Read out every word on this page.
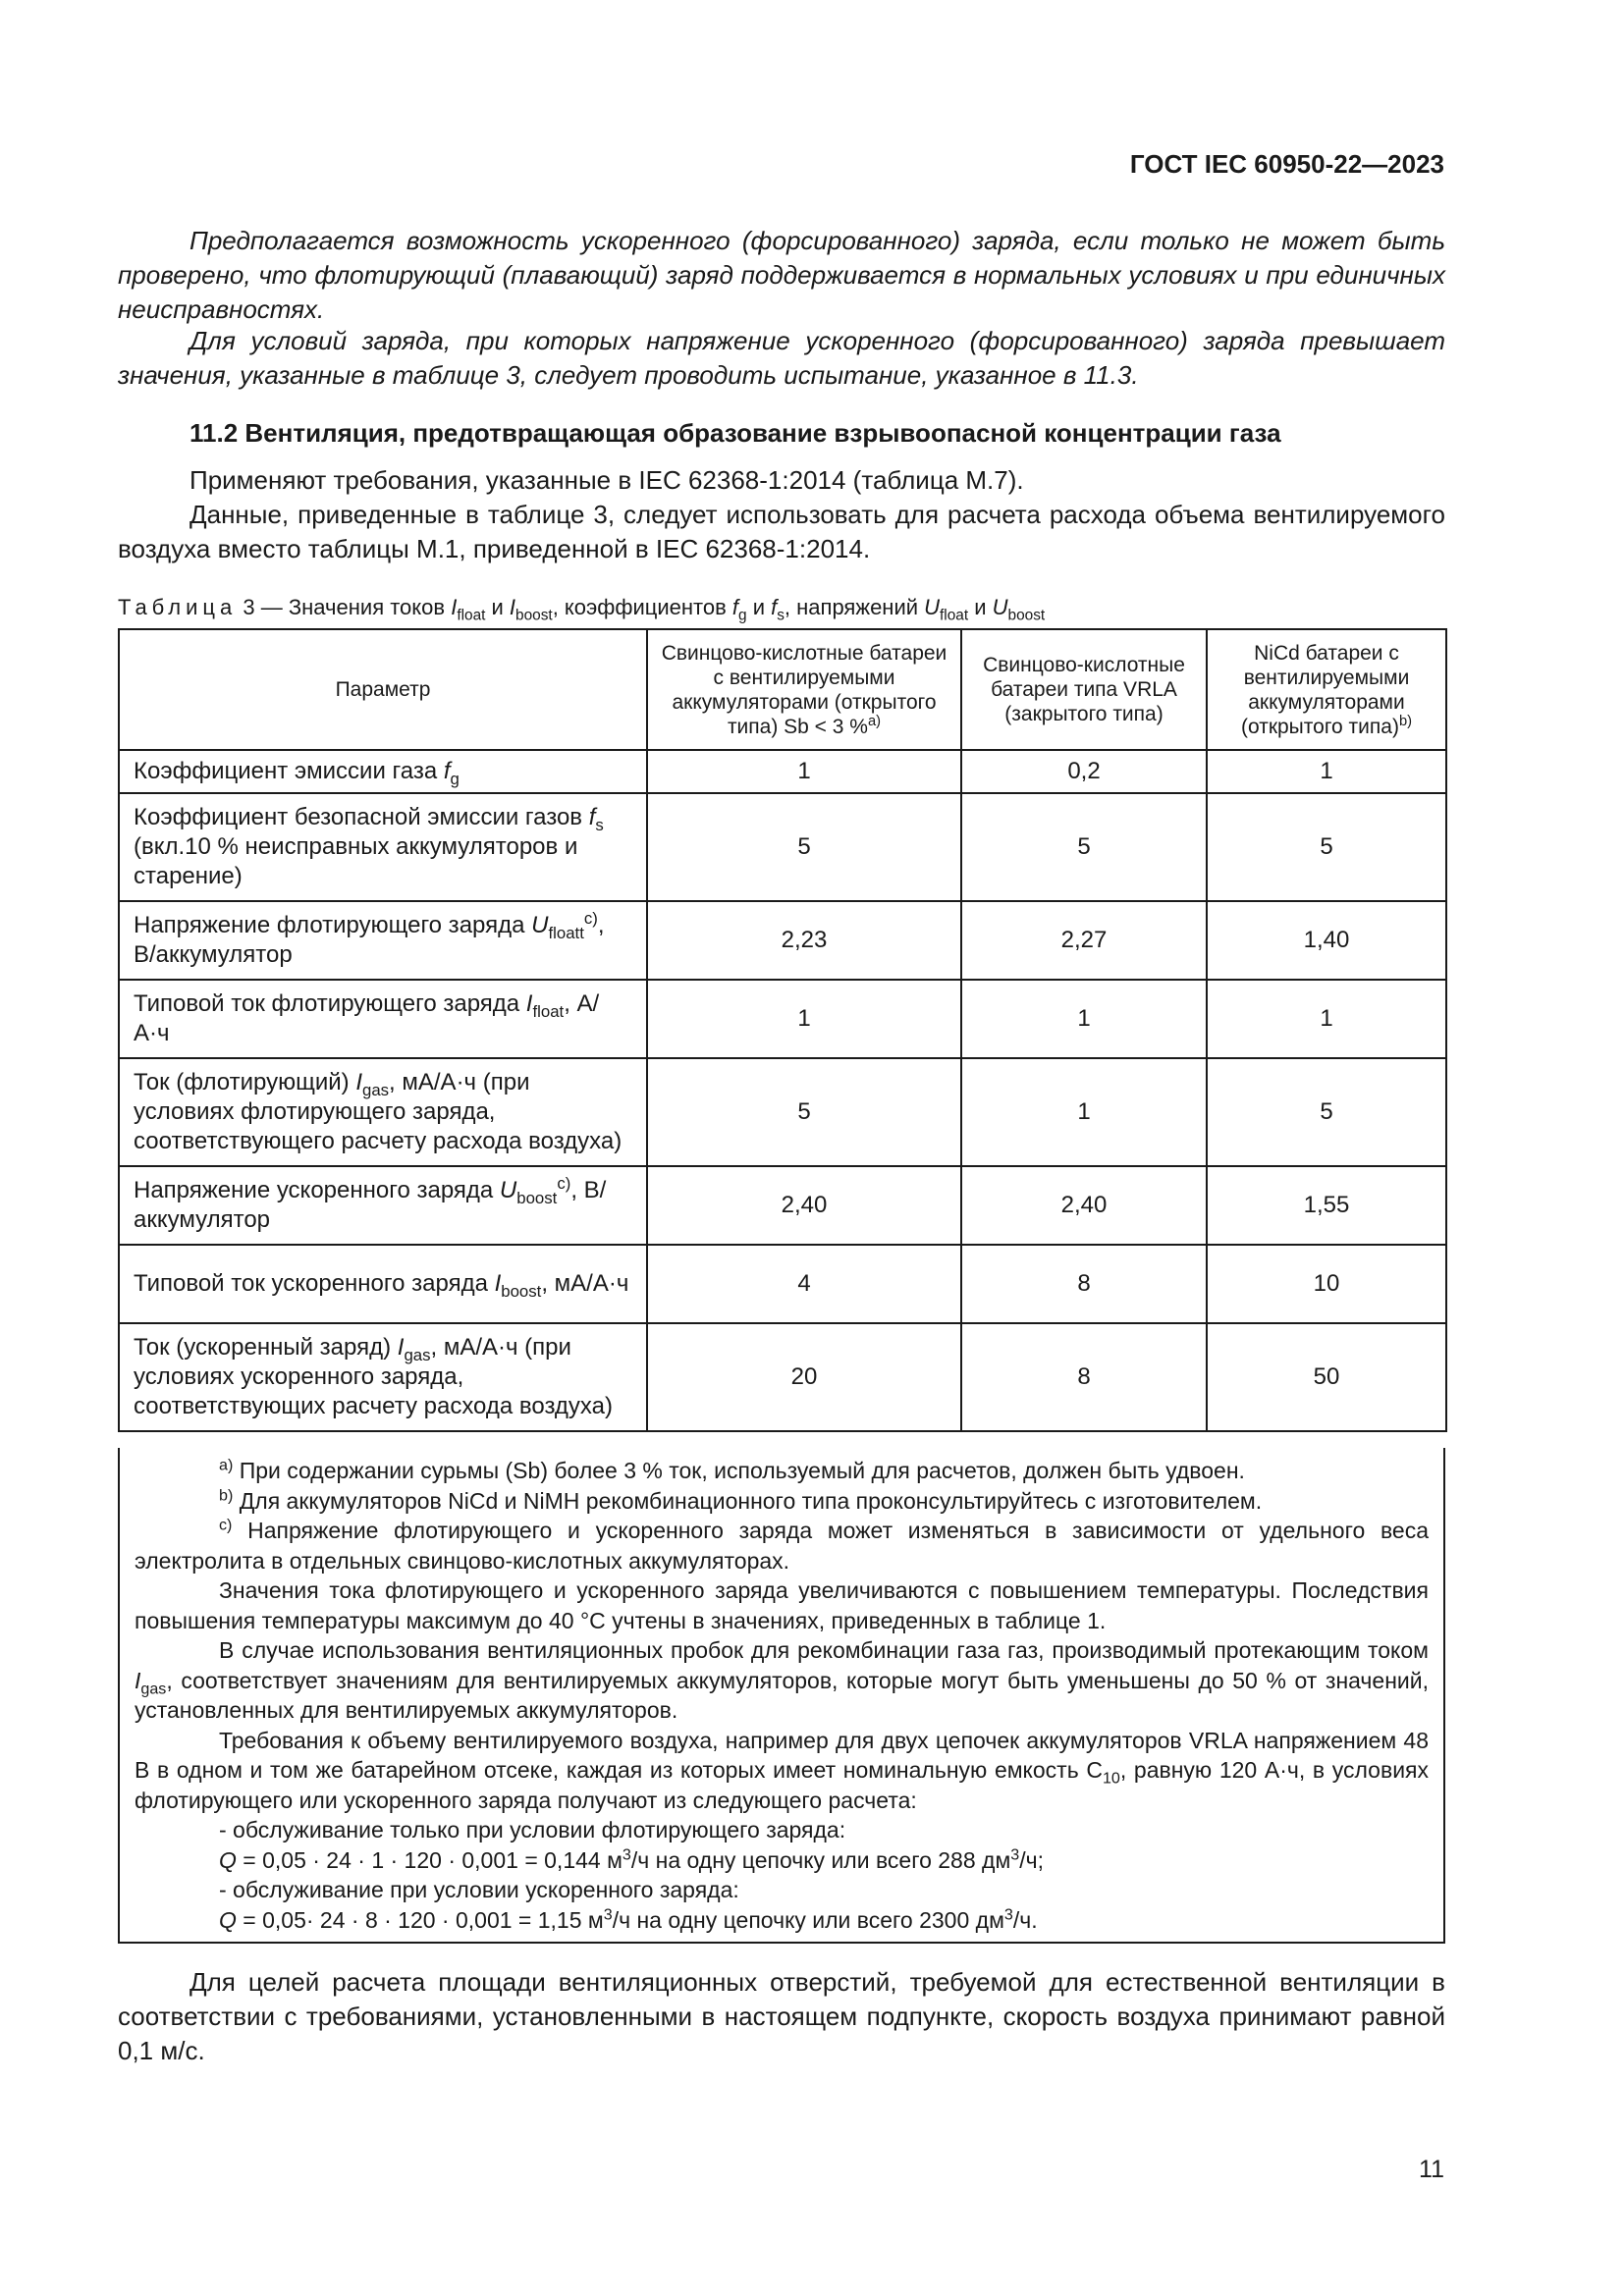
ГОСТ IEC 60950-22—2023
Предполагается возможность ускоренного (форсированного) заряда, если только не может быть проверено, что флотирующий (плавающий) заряд поддерживается в нормальных условиях и при единичных неисправностях.
Для условий заряда, при которых напряжение ускоренного (форсированного) заряда превышает значения, указанные в таблице 3, следует проводить испытание, указанное в 11.3.
11.2 Вентиляция, предотвращающая образование взрывоопасной концентрации газа
Применяют требования, указанные в IEC 62368-1:2014 (таблица М.7).
Данные, приведенные в таблице 3, следует использовать для расчета расхода объема вентилируемого воздуха вместо таблицы М.1, приведенной в IEC 62368-1:2014.
Таблица 3 — Значения токов $I_{float}$ и $I_{boost}$, коэффициентов $f_g$ и $f_s$, напряжений $U_{float}$ и $U_{boost}$
Параметр	Свинцово-кислотные батареи с вентилируемыми аккумуляторами (открытого типа) Sb < 3 %$^{a)}$	Свинцово-кислотные батареи типа VRLA (закрытого типа)	NiCd батареи с вентилируемыми аккумуляторами (открытого типа)$^{b)}$
Коэффициент эмиссии газа $f_g$	1	0,2	1
Коэффициент безопасной эмиссии газов $f_s$ (вкл.10 % неисправных аккумуляторов и старение)	5	5	5
Напряжение флотирующего заряда $U_{floatt}^{c)}$, В/аккумулятор	2,23	2,27	1,40
Типовой ток флотирующего заряда $I_{float}$, А/А·ч	1	1	1
Ток (флотирующий) $I_{gas}$, мА/А·ч (при условиях флотирующего заряда, соответствующего расчету расхода воздуха)	5	1	5
Напряжение ускоренного заряда $U_{boost}^{c)}$, В/аккумулятор	2,40	2,40	1,55
Типовой ток ускоренного заряда $I_{boost}$, мА/А·ч	4	8	10
Ток (ускоренный заряд) $I_{gas}$, мА/А·ч (при условиях ускоренного заряда, соответствующих расчету расхода воздуха)	20	8	50

$^{a)}$ При содержании сурьмы (Sb) более 3 % ток, используемый для расчетов, должен быть удвоен.

$^{b)}$ Для аккумуляторов NiCd и NiMH рекомбинационного типа проконсультируйтесь с изготовителем.

$^{c)}$ Напряжение флотирующего и ускоренного заряда может изменяться в зависимости от удельного веса электролита в отдельных свинцово-кислотных аккумуляторах.

Значения тока флотирующего и ускоренного заряда увеличиваются с повышением температуры. Последствия повышения температуры максимум до 40 °С учтены в значениях, приведенных в таблице 1.

В случае использования вентиляционных пробок для рекомбинации газа газ, производимый протекающим током $I_{gas}$, соответствует значениям для вентилируемых аккумуляторов, которые могут быть уменьшены до 50 % от значений, установленных для вентилируемых аккумуляторов.

Требования к объему вентилируемого воздуха, например для двух цепочек аккумуляторов VRLA напряжением 48 В в одном и том же батарейном отсеке, каждая из которых имеет номинальную емкость $С_{10}$, равную 120 А·ч, в условиях флотирующего или ускоренного заряда получают из следующего расчета:

- обслуживание только при условии флотирующего заряда:

Q = 0,05 · 24 · 1 · 120 · 0,001 = 0,144 $м^3/ч$ на одну цепочку или всего 288 $дм^3/ч$;

- обслуживание при условии ускоренного заряда:

Q = 0,05· 24 · 8 · 120 · 0,001 = 1,15 $м^3/ч$ на одну цепочку или всего 2300 $дм^3/ч$.

Для целей расчета площади вентиляционных отверстий, требуемой для естественной вентиляции в соответствии с требованиями, установленными в настоящем подпункте, скорость воздуха принимают равной 0,1 м/с.
11
